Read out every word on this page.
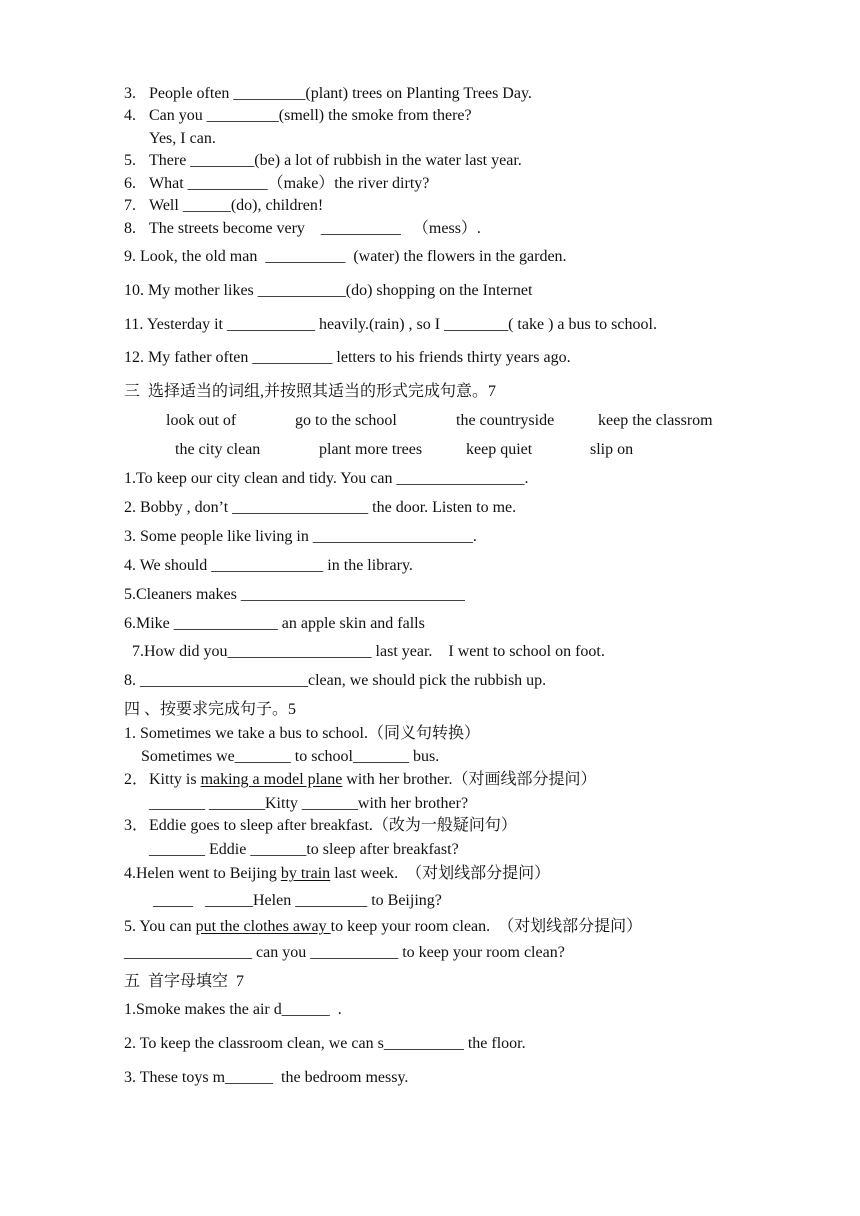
3. People often _________(plant) trees on Planting Trees Day.
4. Can you _________(smell) the smoke from there?
Yes, I can.
5. There ________(be) a lot of rubbish in the water last year.
6. What __________（make）the river dirty?
7. Well ______(do), children!
8. The streets become very    __________   （mess）.
9. Look, the old man  __________  (water) the flowers in the garden.
10. My mother likes ___________(do) shopping on the Internet
11. Yesterday it ___________ heavily.(rain) , so I ________( take ) a bus to school.
12. My father often __________ letters to his friends thirty years ago.
三  选择适当的词组,并按照其适当的形式完成句意。7
look out of	go to the school	the countryside	keep the classrom
the city clean	plant more trees	keep quiet	slip on
1.To keep our city clean and tidy. You can ________________.
2. Bobby , don’t _________________ the door. Listen to me.
3. Some people like living in ____________________.
4. We should ______________ in the library.
5.Cleaners makes ____________________________
6.Mike _____________ an apple skin and falls
7.How did you__________________ last year.    I went to school on foot.
8. _____________________clean, we should pick the rubbish up.
四 、按要求完成句子。5
1. Sometimes we take a bus to school.（同义句转换）
Sometimes we_______ to school_______ bus.
2． Kitty is making a model plane with her brother.（对画线部分提问）
_______ _______Kitty _______with her brother?
3． Eddie goes to sleep after breakfast.（改为一般疑问句）
_______ Eddie _______to sleep after breakfast?
4.Helen went to Beijing by train last week.  （对划线部分提问）
_____   ______Helen _________ to Beijing?
5. You can put the clothes away to keep your room clean.  （对划线部分提问）
________________ can you ___________ to keep your room clean?
五  首字母填空  7
1.Smoke makes the air d______  .
2. To keep the classroom clean, we can s__________ the floor.
3. These toys m______  the bedroom messy.
